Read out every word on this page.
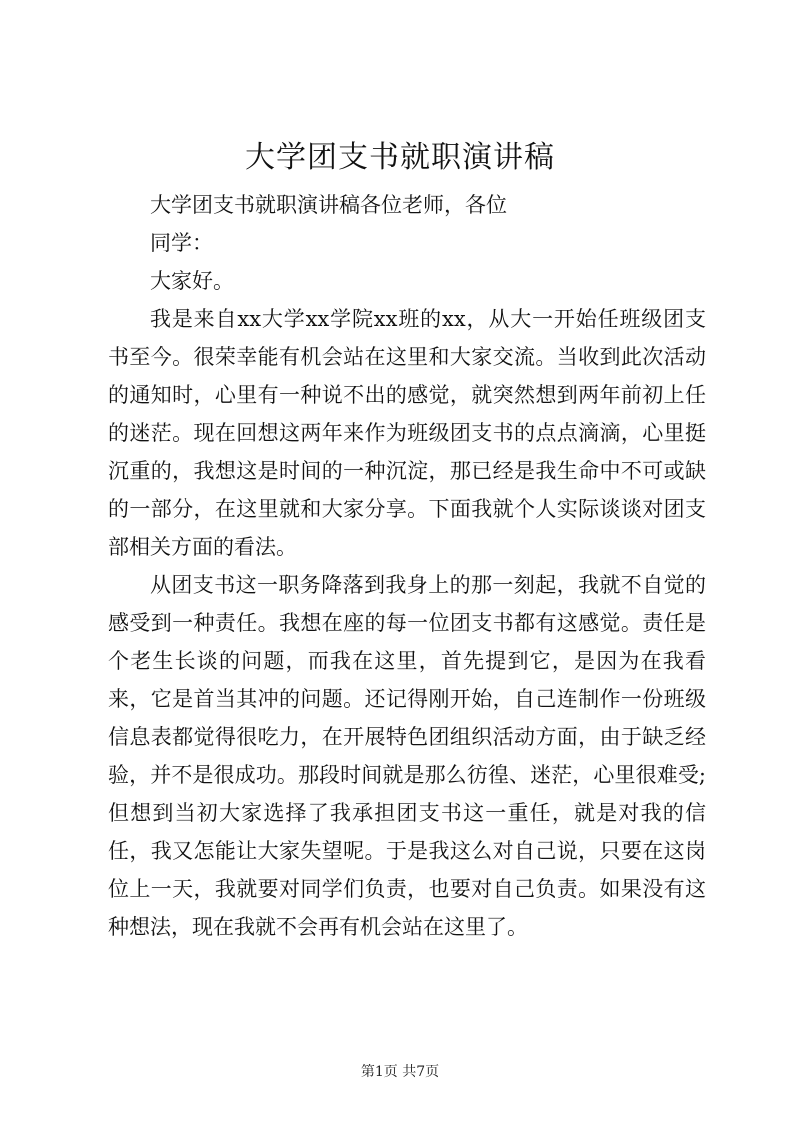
大学团支书就职演讲稿

大学团支书就职演讲稿各位老师，各位

同学：

大家好。

我是来自xx大学xx学院xx班的xx，从大一开始任班级团支书至今。很荣幸能有机会站在这里和大家交流。当收到此次活动的通知时，心里有一种说不出的感觉，就突然想到两年前初上任的迷茫。现在回想这两年来作为班级团支书的点点滴滴，心里挺沉重的，我想这是时间的一种沉淀，那已经是我生命中不可或缺的一部分，在这里就和大家分享。下面我就个人实际谈谈对团支部相关方面的看法。

从团支书这一职务降落到我身上的那一刻起，我就不自觉的感受到一种责任。我想在座的每一位团支书都有这感觉。责任是个老生长谈的问题，而我在这里，首先提到它，是因为在我看来，它是首当其冲的问题。还记得刚开始，自己连制作一份班级信息表都觉得很吃力，在开展特色团组织活动方面，由于缺乏经验，并不是很成功。那段时间就是那么彷徨、迷茫，心里很难受;但想到当初大家选择了我承担团支书这一重任，就是对我的信任，我又怎能让大家失望呢。于是我这么对自己说，只要在这岗位上一天，我就要对同学们负责，也要对自己负责。如果没有这种想法，现在我就不会再有机会站在这里了。

第1页 共7页
